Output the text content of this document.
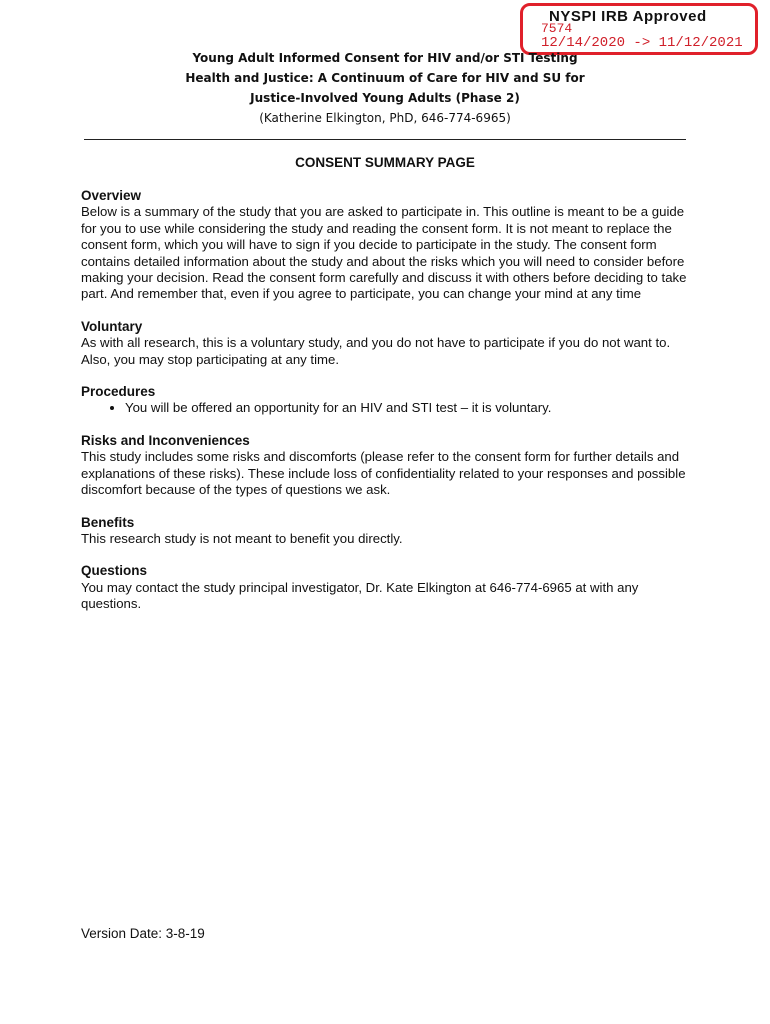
NYSPI IRB Approved
7574
12/14/2020 -> 11/12/2021
Young Adult Informed Consent for HIV and/or STI Testing
Health and Justice: A Continuum of Care for HIV and SU for
Justice-Involved Young Adults (Phase 2)
(Katherine Elkington, PhD, 646-774-6965)
CONSENT SUMMARY PAGE
Overview

Below is a summary of the study that you are asked to participate in. This outline is meant to be a guide for you to use while considering the study and reading the consent form. It is not meant to replace the consent form, which you will have to sign if you decide to participate in the study. The consent form contains detailed information about the study and about the risks which you will need to consider before making your decision. Read the consent form carefully and discuss it with others before deciding to take part. And remember that, even if you agree to participate, you can change your mind at any time

Voluntary

As with all research, this is a voluntary study, and you do not have to participate if you do not want to. Also, you may stop participating at any time.

Procedures
• You will be offered an opportunity for an HIV and STI test – it is voluntary.
Risks and Inconveniences

This study includes some risks and discomforts (please refer to the consent form for further details and explanations of these risks). These include loss of confidentiality related to your responses and possible discomfort because of the types of questions we ask.

Benefits

This research study is not meant to benefit you directly.

Questions

You may contact the study principal investigator, Dr. Kate Elkington at 646-774-6965 at with any questions.

Version Date: 3-8-19
